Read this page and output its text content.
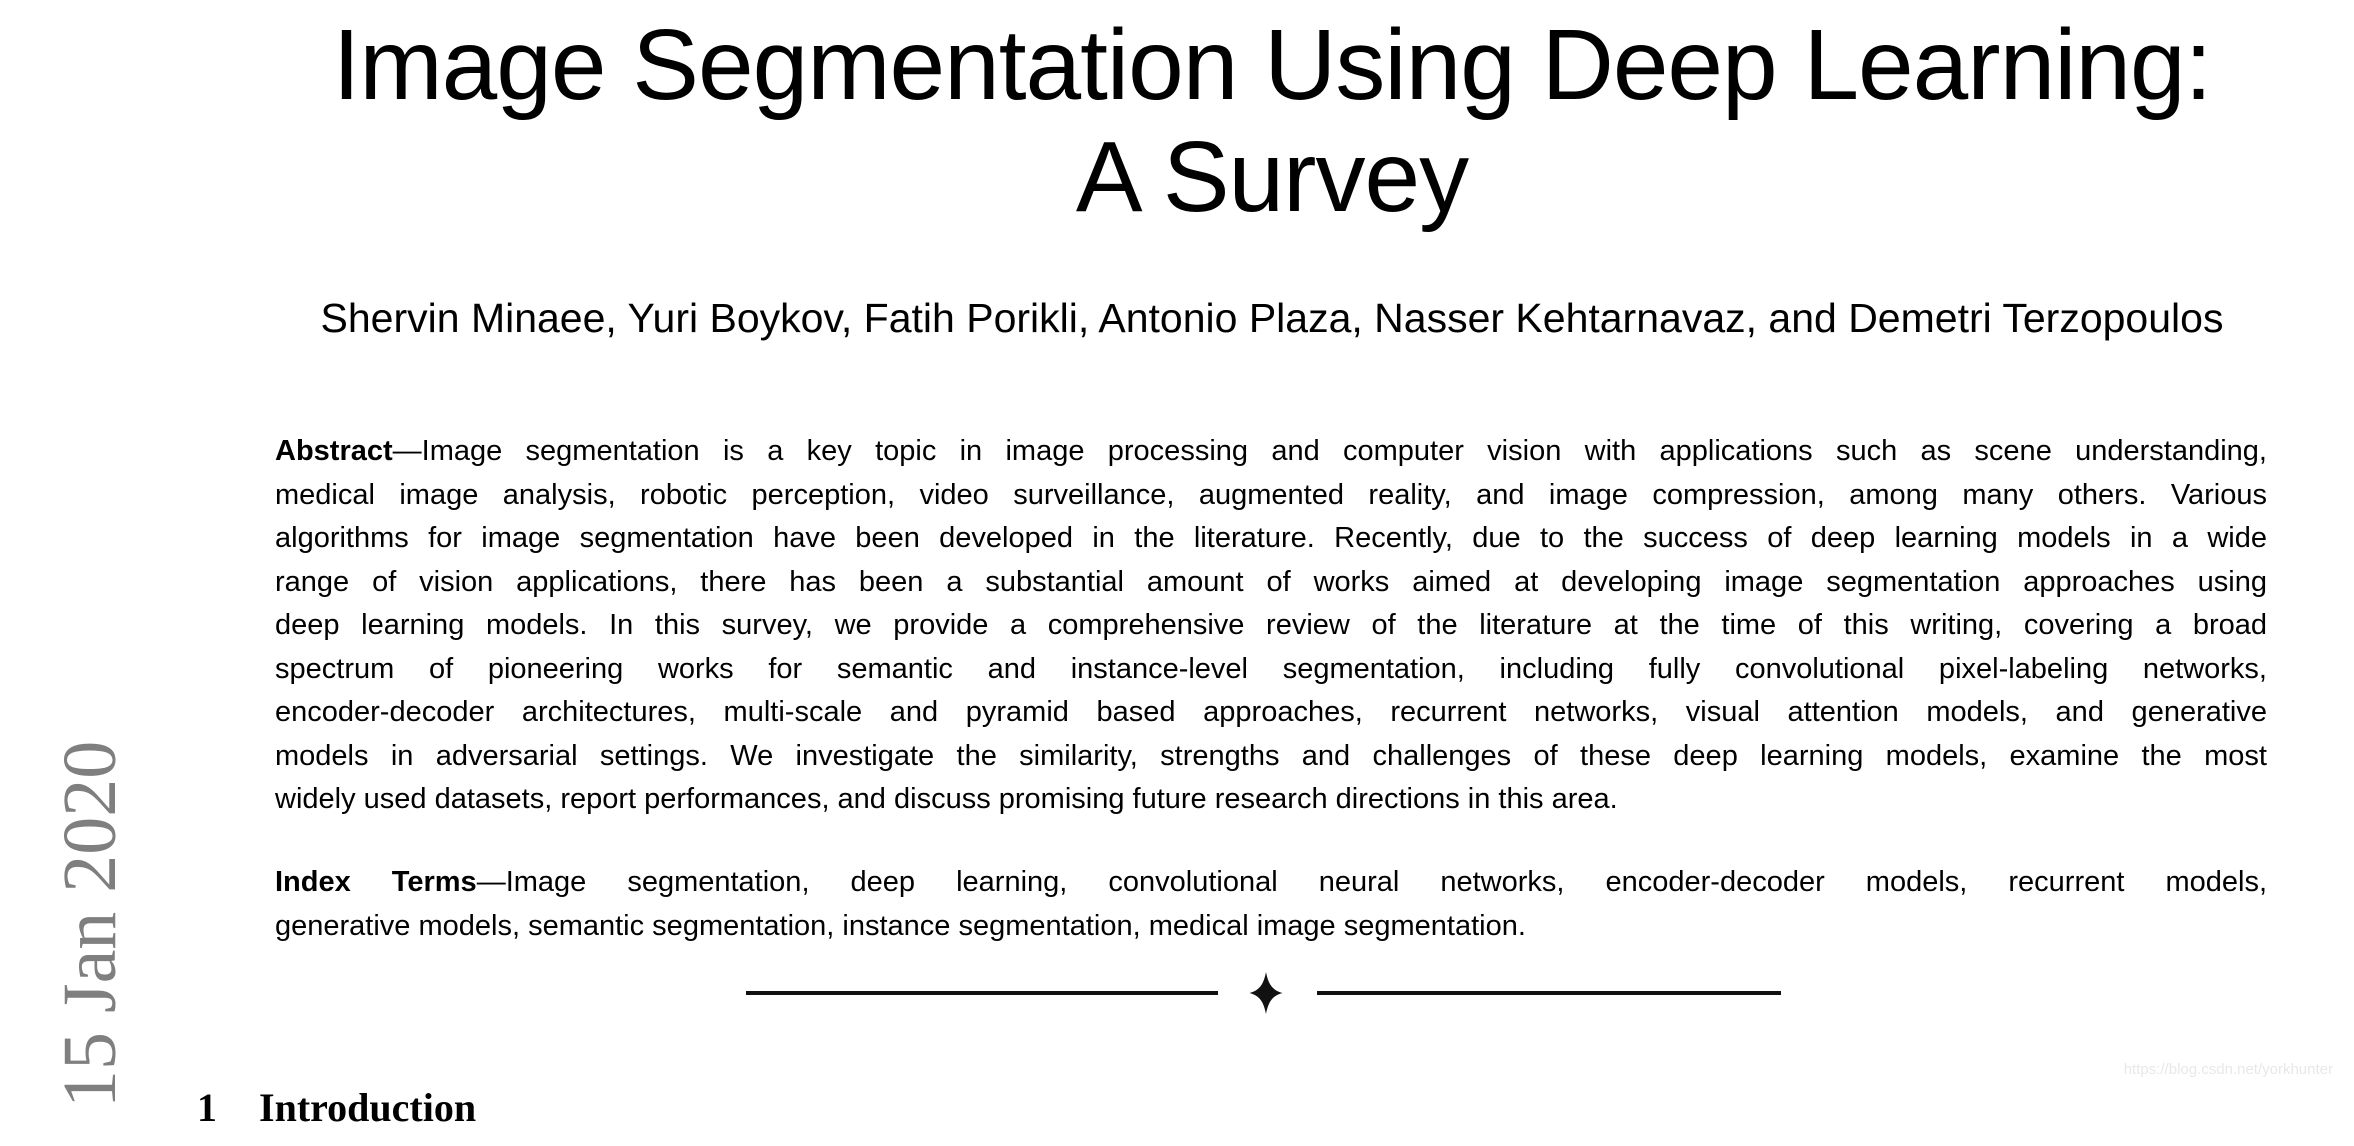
Image Segmentation Using Deep Learning:
A Survey
Shervin Minaee, Yuri Boykov, Fatih Porikli, Antonio Plaza, Nasser Kehtarnavaz, and Demetri Terzopoulos
Abstract—Image segmentation is a key topic in image processing and computer vision with applications such as scene understanding,
medical image analysis, robotic perception, video surveillance, augmented reality, and image compression, among many others. Various
algorithms for image segmentation have been developed in the literature. Recently, due to the success of deep learning models in a wide
range of vision applications, there has been a substantial amount of works aimed at developing image segmentation approaches using
deep learning models. In this survey, we provide a comprehensive review of the literature at the time of this writing, covering a broad
spectrum of pioneering works for semantic and instance-level segmentation, including fully convolutional pixel-labeling networks,
encoder-decoder architectures, multi-scale and pyramid based approaches, recurrent networks, visual attention models, and generative
models in adversarial settings. We investigate the similarity, strengths and challenges of these deep learning models, examine the most
widely used datasets, report performances, and discuss promising future research directions in this area.
Index Terms—Image segmentation, deep learning, convolutional neural networks, encoder-decoder models, recurrent models,
generative models, semantic segmentation, instance segmentation, medical image segmentation.
15 Jan 2020	https://blog.csdn.net/yorkhunter
1 Introduction
